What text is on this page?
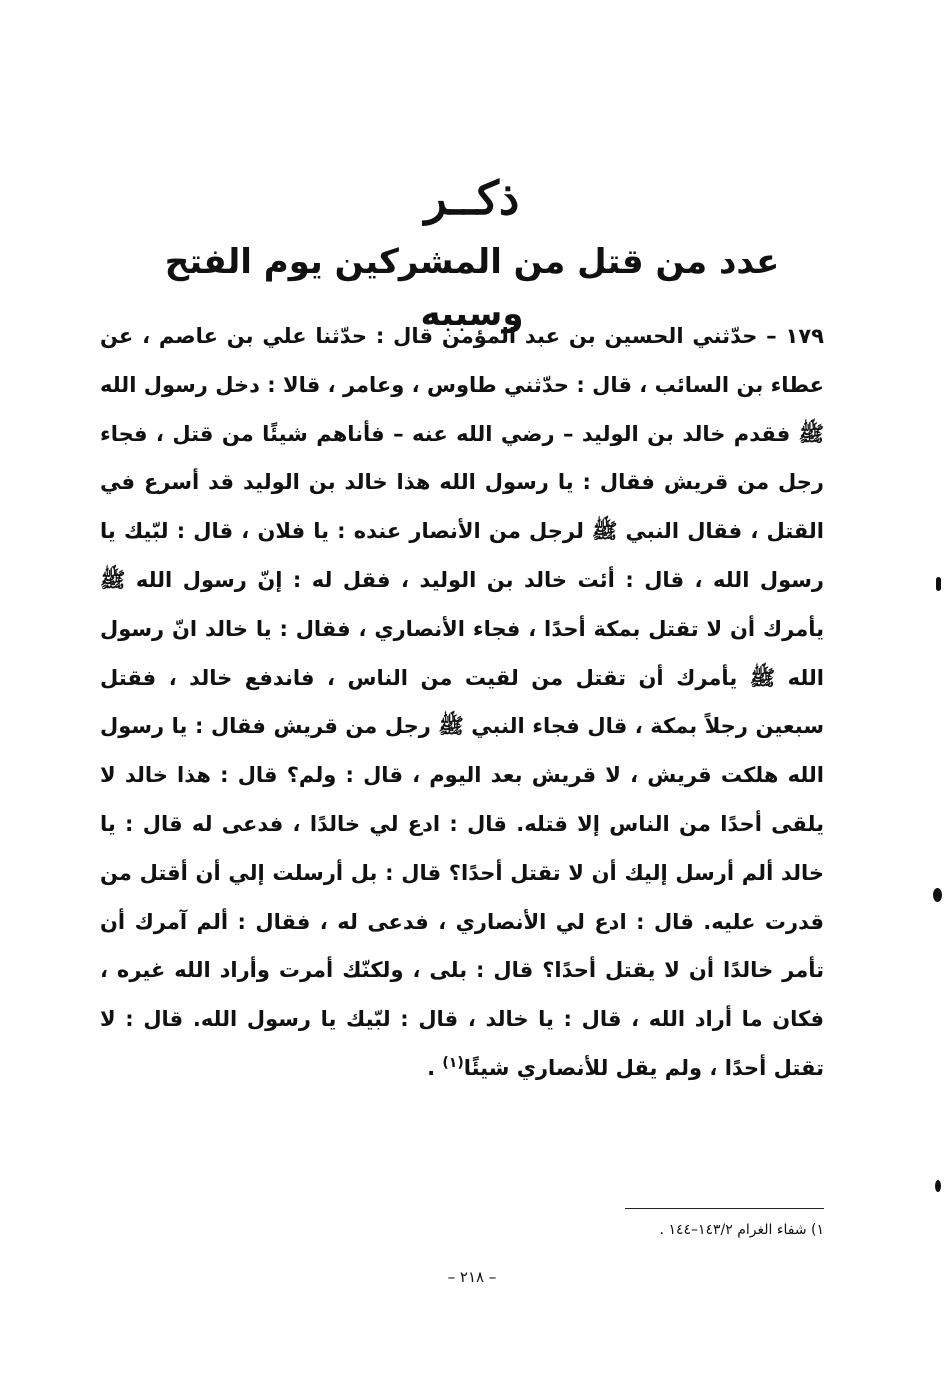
ذكــر
عدد من قتل من المشركين يوم الفتح وسببه
١٧٩ – حدّثني الحسين بن عبد المؤمن قال : حدّثنا علي بن عاصم ، عن عطاء بن السائب ، قال : حدّثني طاوس ، وعامر ، قالا : دخل رسول الله ﷺ فقدم خالد بن الوليد – رضي الله عنه – فأناهم شيئًا من قتل ، فجاء رجل من قريش فقال : يا رسول الله هذا خالد بن الوليد قد أسرع في القتل ، فقال النبي ﷺ لرجل من الأنصار عنده : يا فلان ، قال : لبّيك يا رسول الله ، قال : أئت خالد بن الوليد ، فقل له : إنّ رسول الله ﷺ يأمرك أن لا تقتل بمكة أحدًا ، فجاء الأنصاري ، فقال : يا خالد انّ رسول الله ﷺ يأمرك أن تقتل من لقيت من الناس ، فاندفع خالد ، فقتل سبعين رجلاً بمكة ، قال فجاء النبي ﷺ رجل من قريش فقال : يا رسول الله هلكت قريش ، لا قريش بعد اليوم ، قال : ولم؟ قال : هذا خالد لا يلقى أحدًا من الناس إلا قتله. قال : ادع لي خالدًا ، فدعى له قال : يا خالد ألم أرسل إليك أن لا تقتل أحدًا؟ قال : بل أرسلت إلي أن أقتل من قدرت عليه. قال : ادع لي الأنصاري ، فدعى له ، فقال : ألم آمرك أن تأمر خالدًا أن لا يقتل أحدًا؟ قال : بلى ، ولكنّك أمرت وأراد الله غيره ، فكان ما أراد الله ، قال : يا خالد ، قال : لبّيك يا رسول الله. قال : لا تقتل أحدًا ، ولم يقل للأنصاري شيئًا$^{(١)}$ .
١) شفاء الغرام ١٤٣/٢–١٤٤ .
– ٢١٨ –
